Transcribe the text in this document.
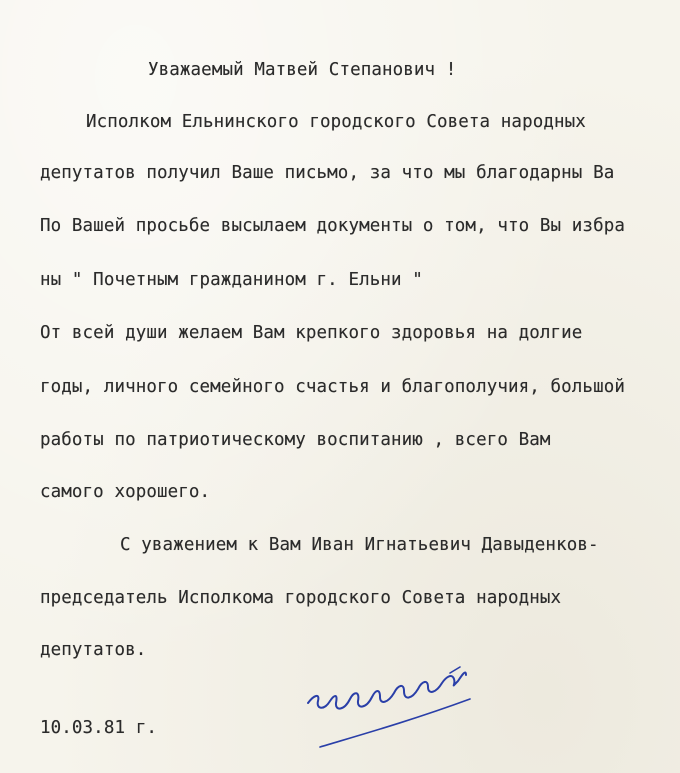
Уважаемый Матвей Степанович !
Исполком Ельнинского городского Совета народных
депутатов получил Ваше письмо, за что мы благодарны Ва
По Вашей просьбе высылаем документы о том, что Вы избра
ны " Почетным гражданином г. Ельни "
От всей души желаем Вам крепкого здоровья на долгие
годы, личного семейного счастья и благополучия, большой
работы по патриотическому воспитанию , всего Вам
самого хорошего.
С уважением к Вам Иван Игнатьевич Давыденков-
председатель Исполкома городского Совета народных
депутатов.
10.03.81 г.
